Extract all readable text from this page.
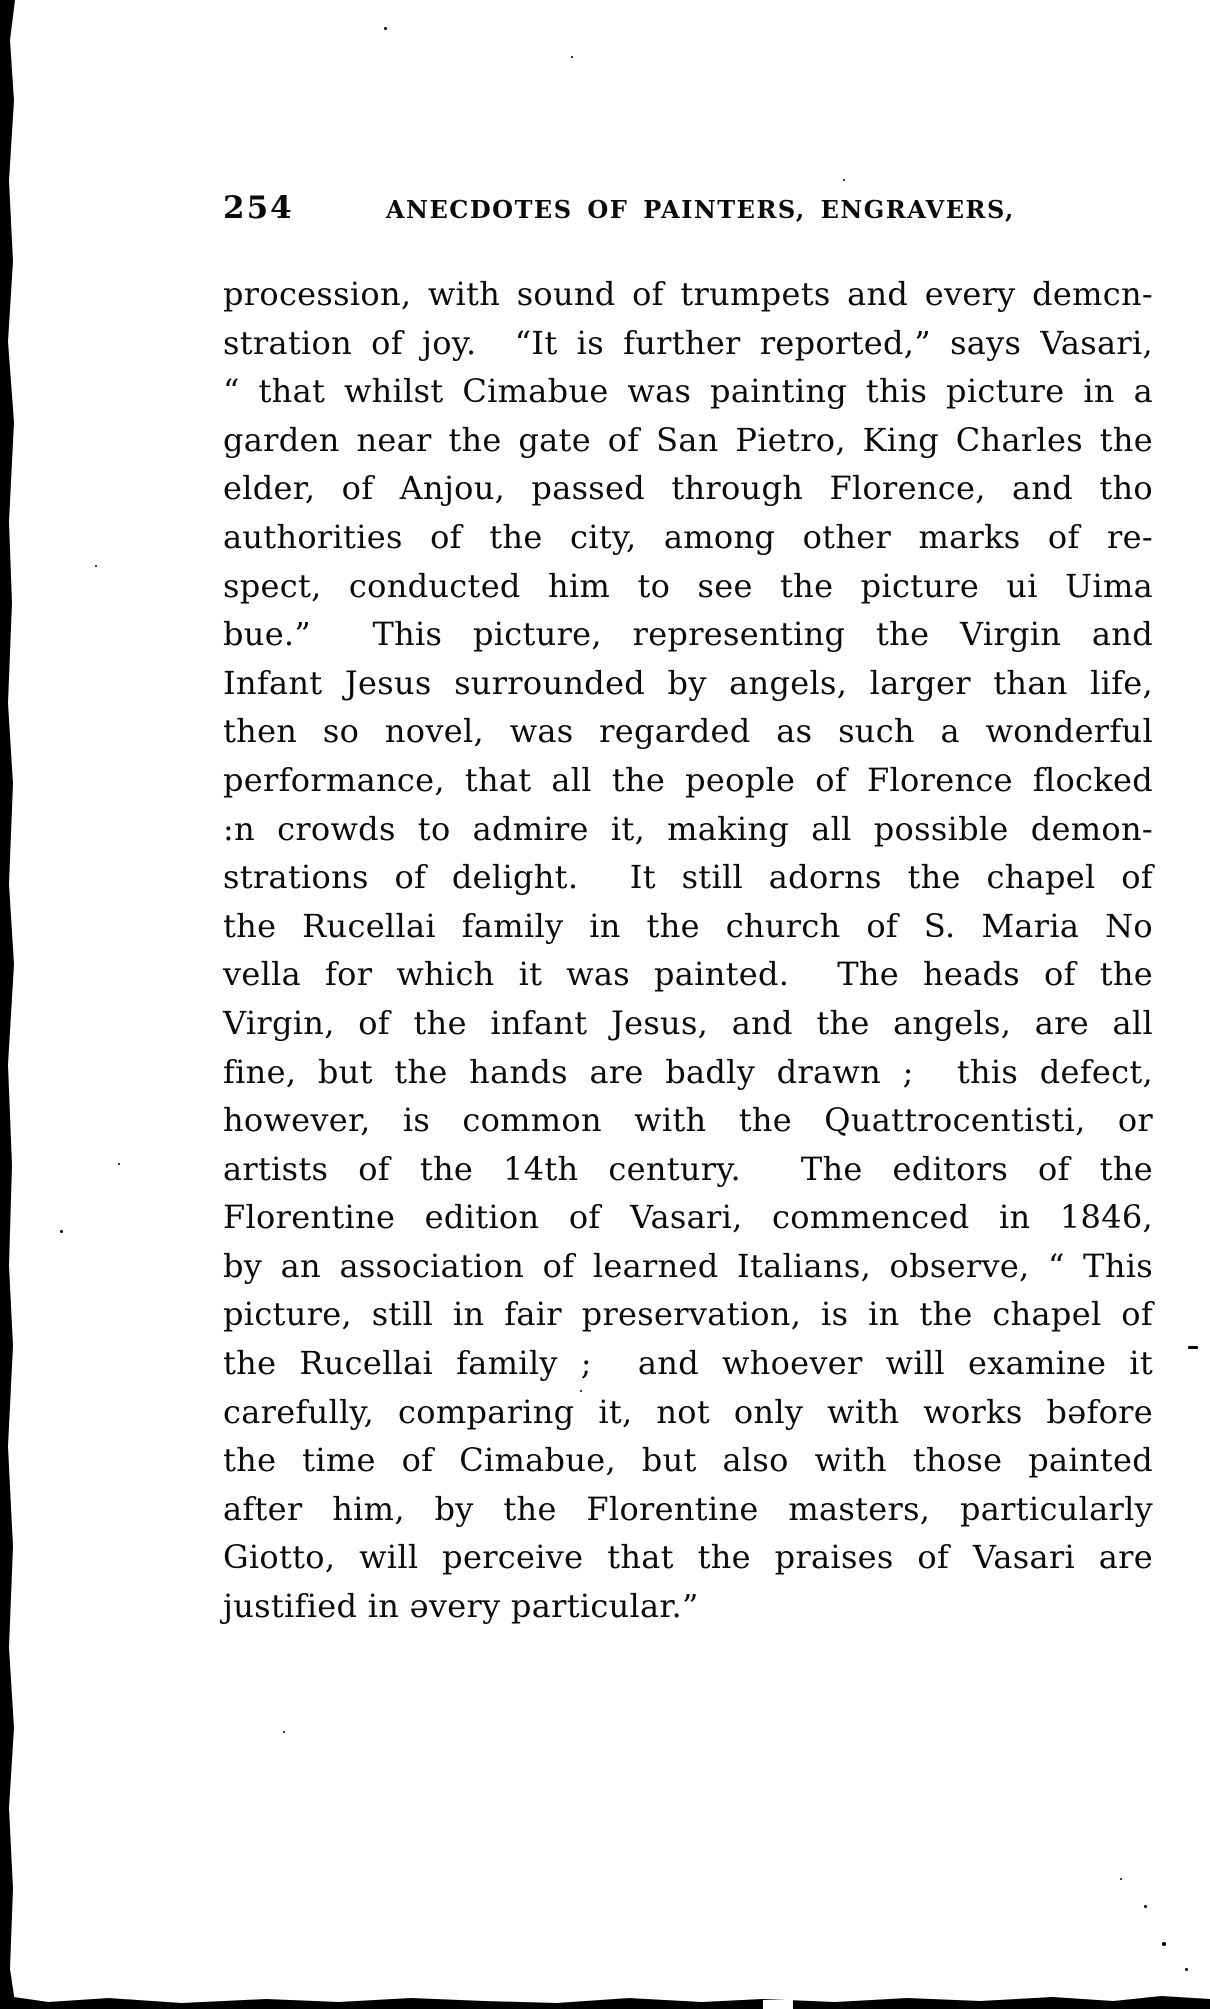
254	ANECDOTES OF PAINTERS, ENGRAVERS,
procession, with sound of trumpets and every demcn-
stration of joy.  “It is further reported,” says Vasari,
“ that whilst Cimabue was painting this picture in a
garden near the gate of San Pietro, King Charles the
elder, of Anjou, passed through Florence, and tho
authorities of the city, among other marks of re-
spect, conducted him to see the picture ui Uima
bue.”  This picture, representing the Virgin and
Infant Jesus surrounded by angels, larger than life,
then so novel, was regarded as such a wonderful
performance, that all the people of Florence flocked
:n crowds to admire it, making all possible demon-
strations of delight.  It still adorns the chapel of
the Rucellai family in the church of S. Maria No
vella for which it was painted.  The heads of the
Virgin, of the infant Jesus, and the angels, are all
fine, but the hands are badly drawn ;  this defect,
however, is common with the Quattrocentisti, or
artists of the 14th century.  The editors of the
Florentine edition of Vasari, commenced in 1846,
by an association of learned Italians, observe, “ This
picture, still in fair preservation, is in the chapel of
the Rucellai family ;  and whoever will examine it
carefully, comparing it, not only with works bəfore
the time of Cimabue, but also with those painted
after him, by the Florentine masters, particularly
Giotto, will perceive that the praises of Vasari are
justified in əvery particular.”
